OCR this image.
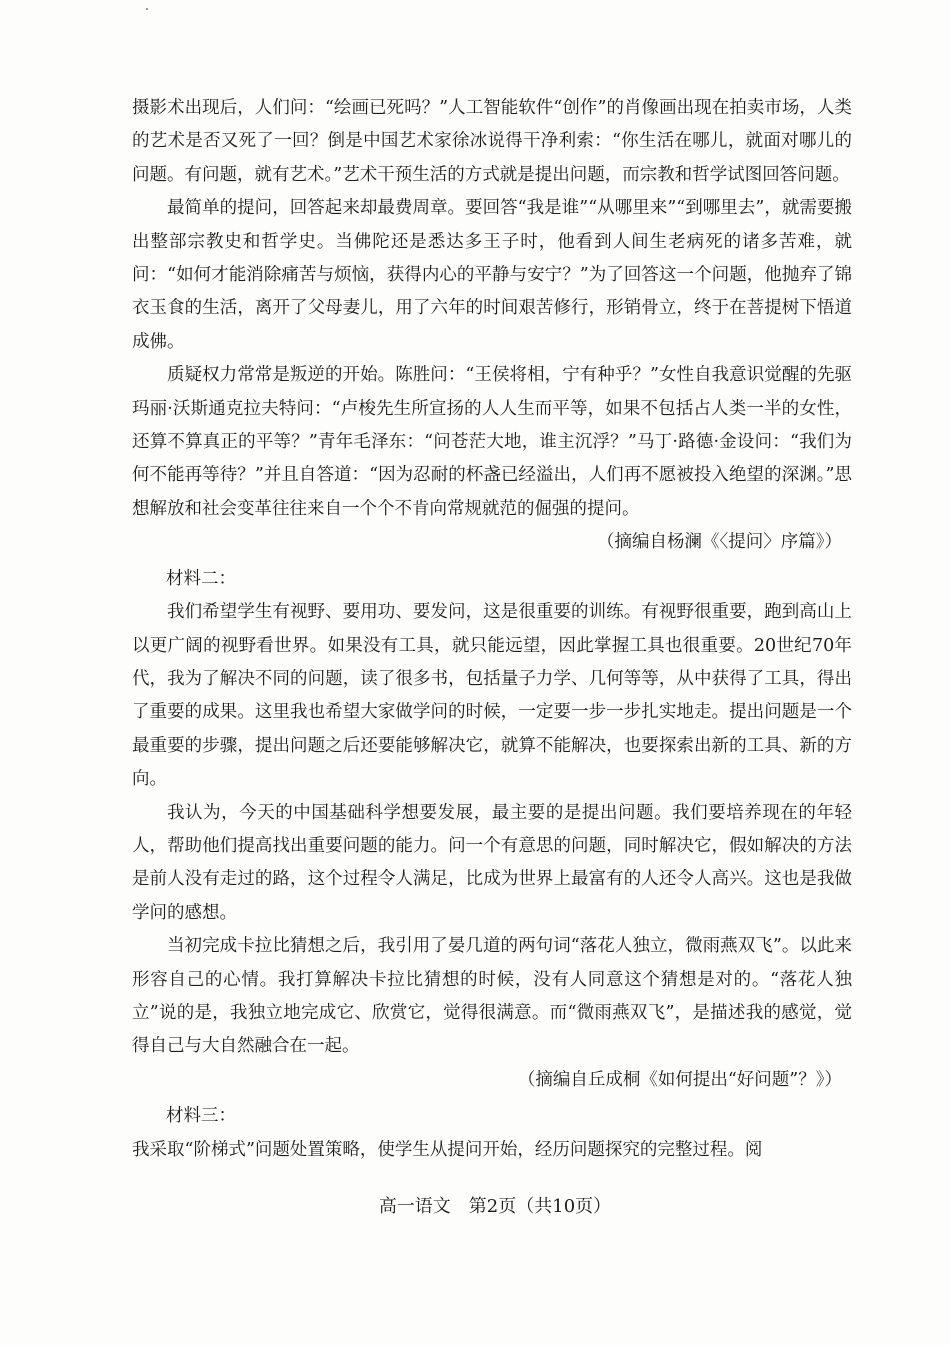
摄影术出现后，人们问：“绘画已死吗？”人工智能软件“创作”的肖像画出现在拍卖市场，人类的艺术是否又死了一回？倒是中国艺术家徐冰说得干净利索：“你生活在哪儿，就面对哪儿的问题。有问题，就有艺术。”艺术干预生活的方式就是提出问题，而宗教和哲学试图回答问题。

最简单的提问，回答起来却最费周章。要回答“我是谁”“从哪里来”“到哪里去”，就需要搬出整部宗教史和哲学史。当佛陀还是悉达多王子时，他看到人间生老病死的诸多苦难，就问：“如何才能消除痛苦与烦恼，获得内心的平静与安宁？”为了回答这一个问题，他抛弃了锦衣玉食的生活，离开了父母妻儿，用了六年的时间艰苦修行，形销骨立，终于在菩提树下悟道成佛。

质疑权力常常是叛逆的开始。陈胜问：“王侯将相，宁有种乎？”女性自我意识觉醒的先驱玛丽·沃斯通克拉夫特问：“卢梭先生所宣扬的人人生而平等，如果不包括占人类一半的女性，还算不算真正的平等？”青年毛泽东：“问苍茫大地，谁主沉浮？”马丁·路德·金设问：“我们为何不能再等待？”并且自答道：“因为忍耐的杯盏已经溢出，人们再不愿被投入绝望的深渊。”思想解放和社会变革往往来自一个个不肯向常规就范的倔强的提问。

（摘编自杨澜《〈提问〉序篇》）

材料二：

我们希望学生有视野、要用功、要发问，这是很重要的训练。有视野很重要，跑到高山上以更广阔的视野看世界。如果没有工具，就只能远望，因此掌握工具也很重要。20世纪70年代，我为了解决不同的问题，读了很多书，包括量子力学、几何等等，从中获得了工具，得出了重要的成果。这里我也希望大家做学问的时候，一定要一步一步扎实地走。提出问题是一个最重要的步骤，提出问题之后还要能够解决它，就算不能解决，也要探索出新的工具、新的方向。

我认为，今天的中国基础科学想要发展，最主要的是提出问题。我们要培养现在的年轻人，帮助他们提高找出重要问题的能力。问一个有意思的问题，同时解决它，假如解决的方法是前人没有走过的路，这个过程令人满足，比成为世界上最富有的人还令人高兴。这也是我做学问的感想。

当初完成卡拉比猜想之后，我引用了晏几道的两句词“落花人独立，微雨燕双飞”。以此来形容自己的心情。我打算解决卡拉比猜想的时候，没有人同意这个猜想是对的。“落花人独立”说的是，我独立地完成它、欣赏它，觉得很满意。而“微雨燕双飞”，是描述我的感觉，觉得自己与大自然融合在一起。

（摘编自丘成桐《如何提出“好问题”？》）

材料三：

我采取“阶梯式”问题处置策略，使学生从提问开始，经历问题探究的完整过程。阅

高一语文　第2页（共10页）
